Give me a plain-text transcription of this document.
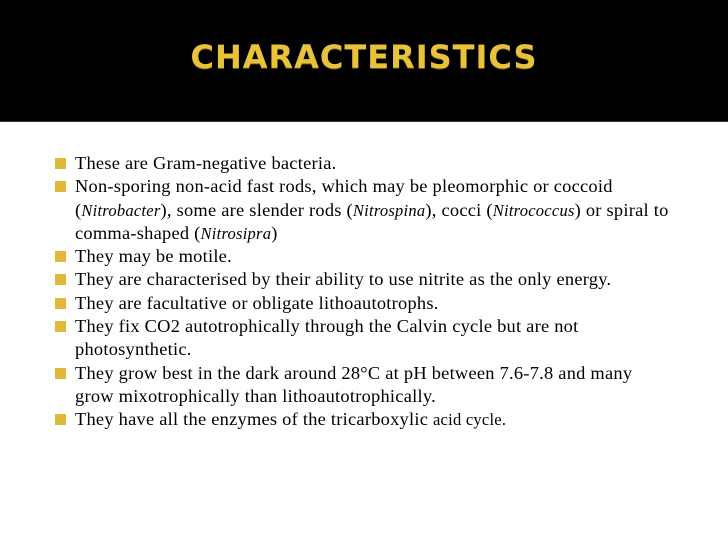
CHARACTERISTICS
These are Gram-negative bacteria.
Non-sporing non-acid fast rods, which may be pleomorphic or coccoid (Nitrobacter), some are slender rods (Nitrospina), cocci (Nitrococcus) or spiral to comma-shaped (Nitrosipra)
They may be motile.
They are characterised by their ability to use nitrite as the only energy.
They are facultative or obligate lithoautotrophs.
They fix CO2 autotrophically through the Calvin cycle but are not photosynthetic.
They grow best in the dark around 28°C at pH between 7.6-7.8 and many grow mixotrophically than lithoautotrophically.
They have all the enzymes of the tricarboxylic acid cycle.
